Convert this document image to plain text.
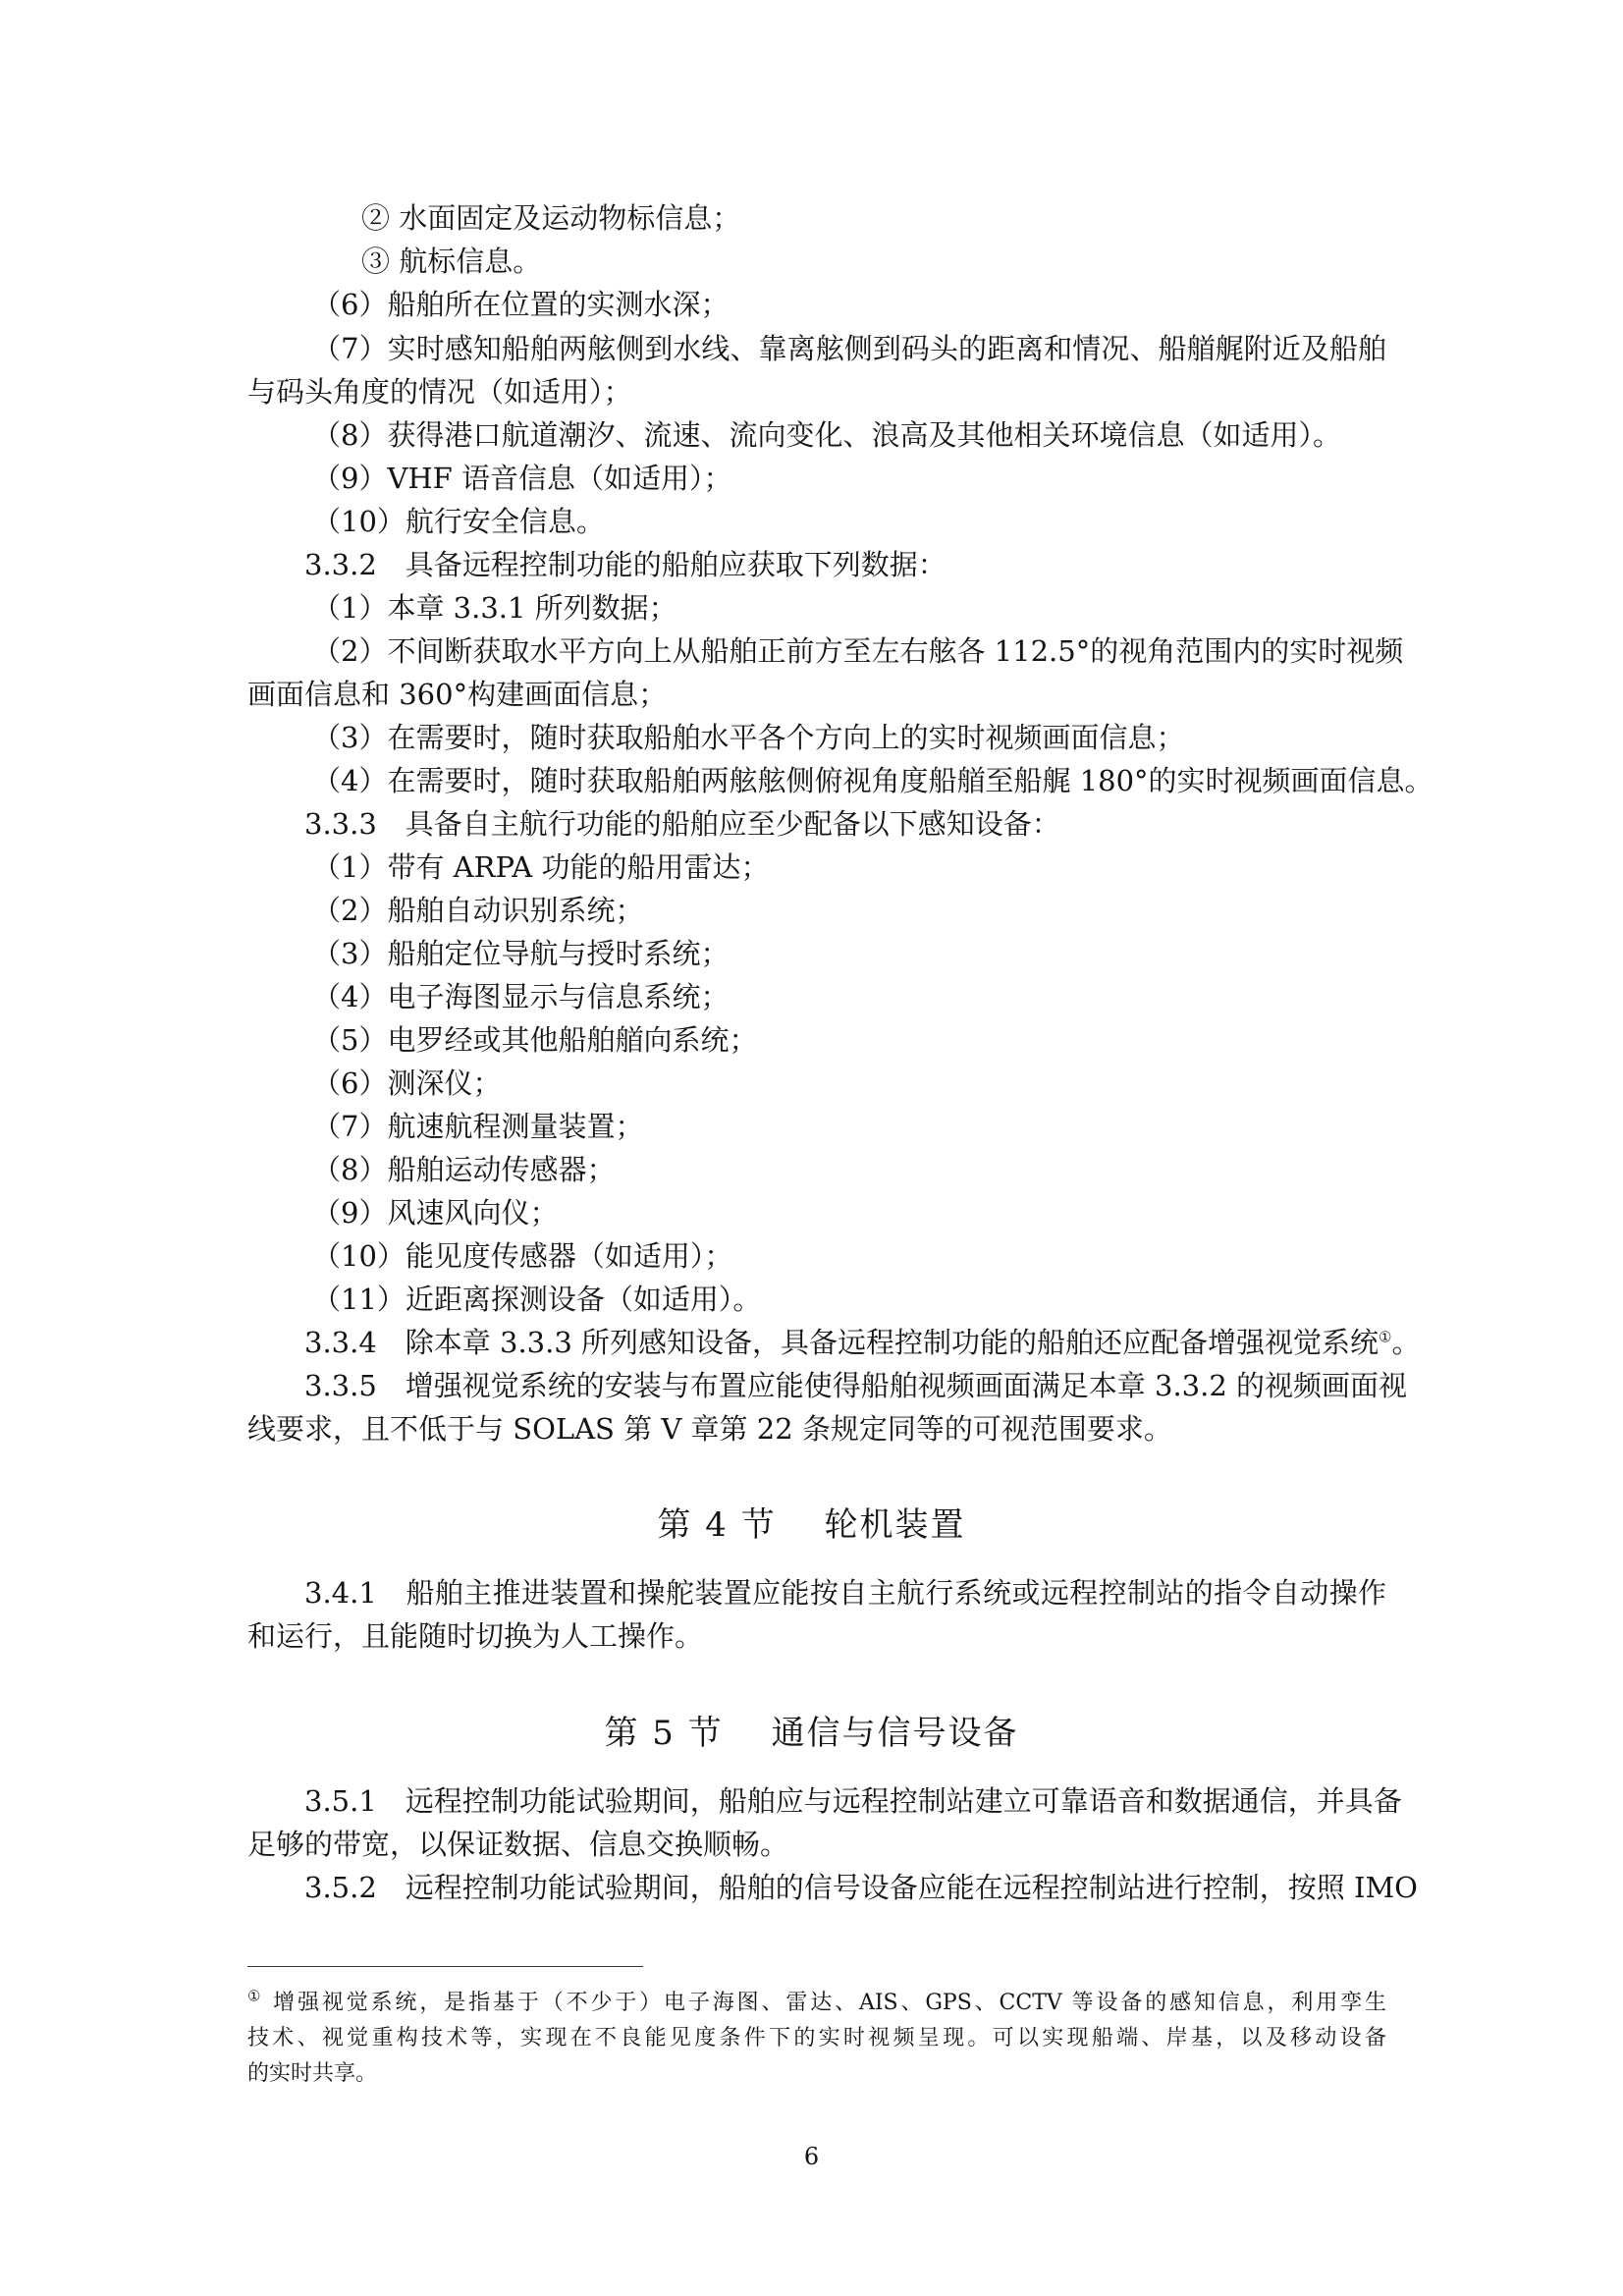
② 水面固定及运动物标信息；
③ 航标信息。
（6）船舶所在位置的实测水深；
（7）实时感知船舶两舷侧到水线、靠离舷侧到码头的距离和情况、船艏艉附近及船舶
与码头角度的情况（如适用）；
（8）获得港口航道潮汐、流速、流向变化、浪高及其他相关环境信息（如适用）。
（9）VHF 语音信息（如适用）；
（10）航行安全信息。
3.3.2　具备远程控制功能的船舶应获取下列数据：
（1）本章 3.3.1 所列数据；
（2）不间断获取水平方向上从船舶正前方至左右舷各 112.5°的视角范围内的实时视频
画面信息和 360°构建画面信息；
（3）在需要时，随时获取船舶水平各个方向上的实时视频画面信息；
（4）在需要时，随时获取船舶两舷舷侧俯视角度船艏至船艉 180°的实时视频画面信息。
3.3.3　具备自主航行功能的船舶应至少配备以下感知设备：
（1）带有 ARPA 功能的船用雷达；
（2）船舶自动识别系统；
（3）船舶定位导航与授时系统；
（4）电子海图显示与信息系统；
（5）电罗经或其他船舶艏向系统；
（6）测深仪；
（7）航速航程测量装置；
（8）船舶运动传感器；
（9）风速风向仪；
（10）能见度传感器（如适用）；
（11）近距离探测设备（如适用）。
3.3.4　除本章 3.3.3 所列感知设备，具备远程控制功能的船舶还应配备增强视觉系统①。
3.3.5　增强视觉系统的安装与布置应能使得船舶视频画面满足本章 3.3.2 的视频画面视
线要求，且不低于与 SOLAS 第 V 章第 22 条规定同等的可视范围要求。
第 4 节　 轮机装置
3.4.1　船舶主推进装置和操舵装置应能按自主航行系统或远程控制站的指令自动操作
和运行，且能随时切换为人工操作。
第 5 节　 通信与信号设备
3.5.1　远程控制功能试验期间，船舶应与远程控制站建立可靠语音和数据通信，并具备
足够的带宽，以保证数据、信息交换顺畅。
3.5.2　远程控制功能试验期间，船舶的信号设备应能在远程控制站进行控制，按照 IMO
① 增强视觉系统，是指基于（不少于）电子海图、雷达、AIS、GPS、CCTV 等设备的感知信息，利用孪生
技术、视觉重构技术等，实现在不良能见度条件下的实时视频呈现。可以实现船端、岸基，以及移动设备
的实时共享。
6
